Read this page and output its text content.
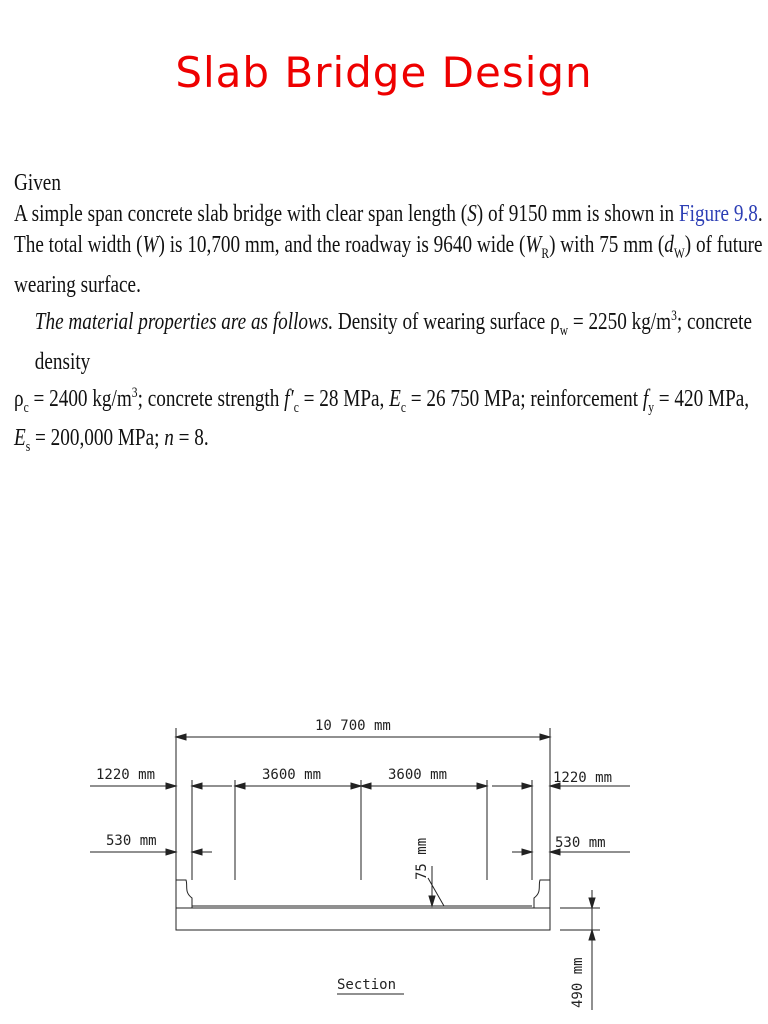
Slab Bridge Design

Given

A simple span concrete slab bridge with clear span length (S) of 9150 mm is shown in Figure 9.8.
The total width (W) is 10,700 mm, and the roadway is 9640 wide $(W_R)$ with 75 mm $(d_W)$ of future
wearing surface.

The material properties are as follows. Density of wearing surface $\rho_w = 2250$ $kg/m^3$; concrete density

$\rho_c = 2400$ $kg/m^3$; concrete strength $f'_c = 28$ MPa, $E_c = 26$ 750 MPa; reinforcement $f_y = 420$ MPa,
$E_s = 200,000$ MPa; n = 8.

10 700 mm
1220 mm	1220 mm
3600 mm	3600 mm
530 mm	530 mm
75 mm
490 mm
Section
